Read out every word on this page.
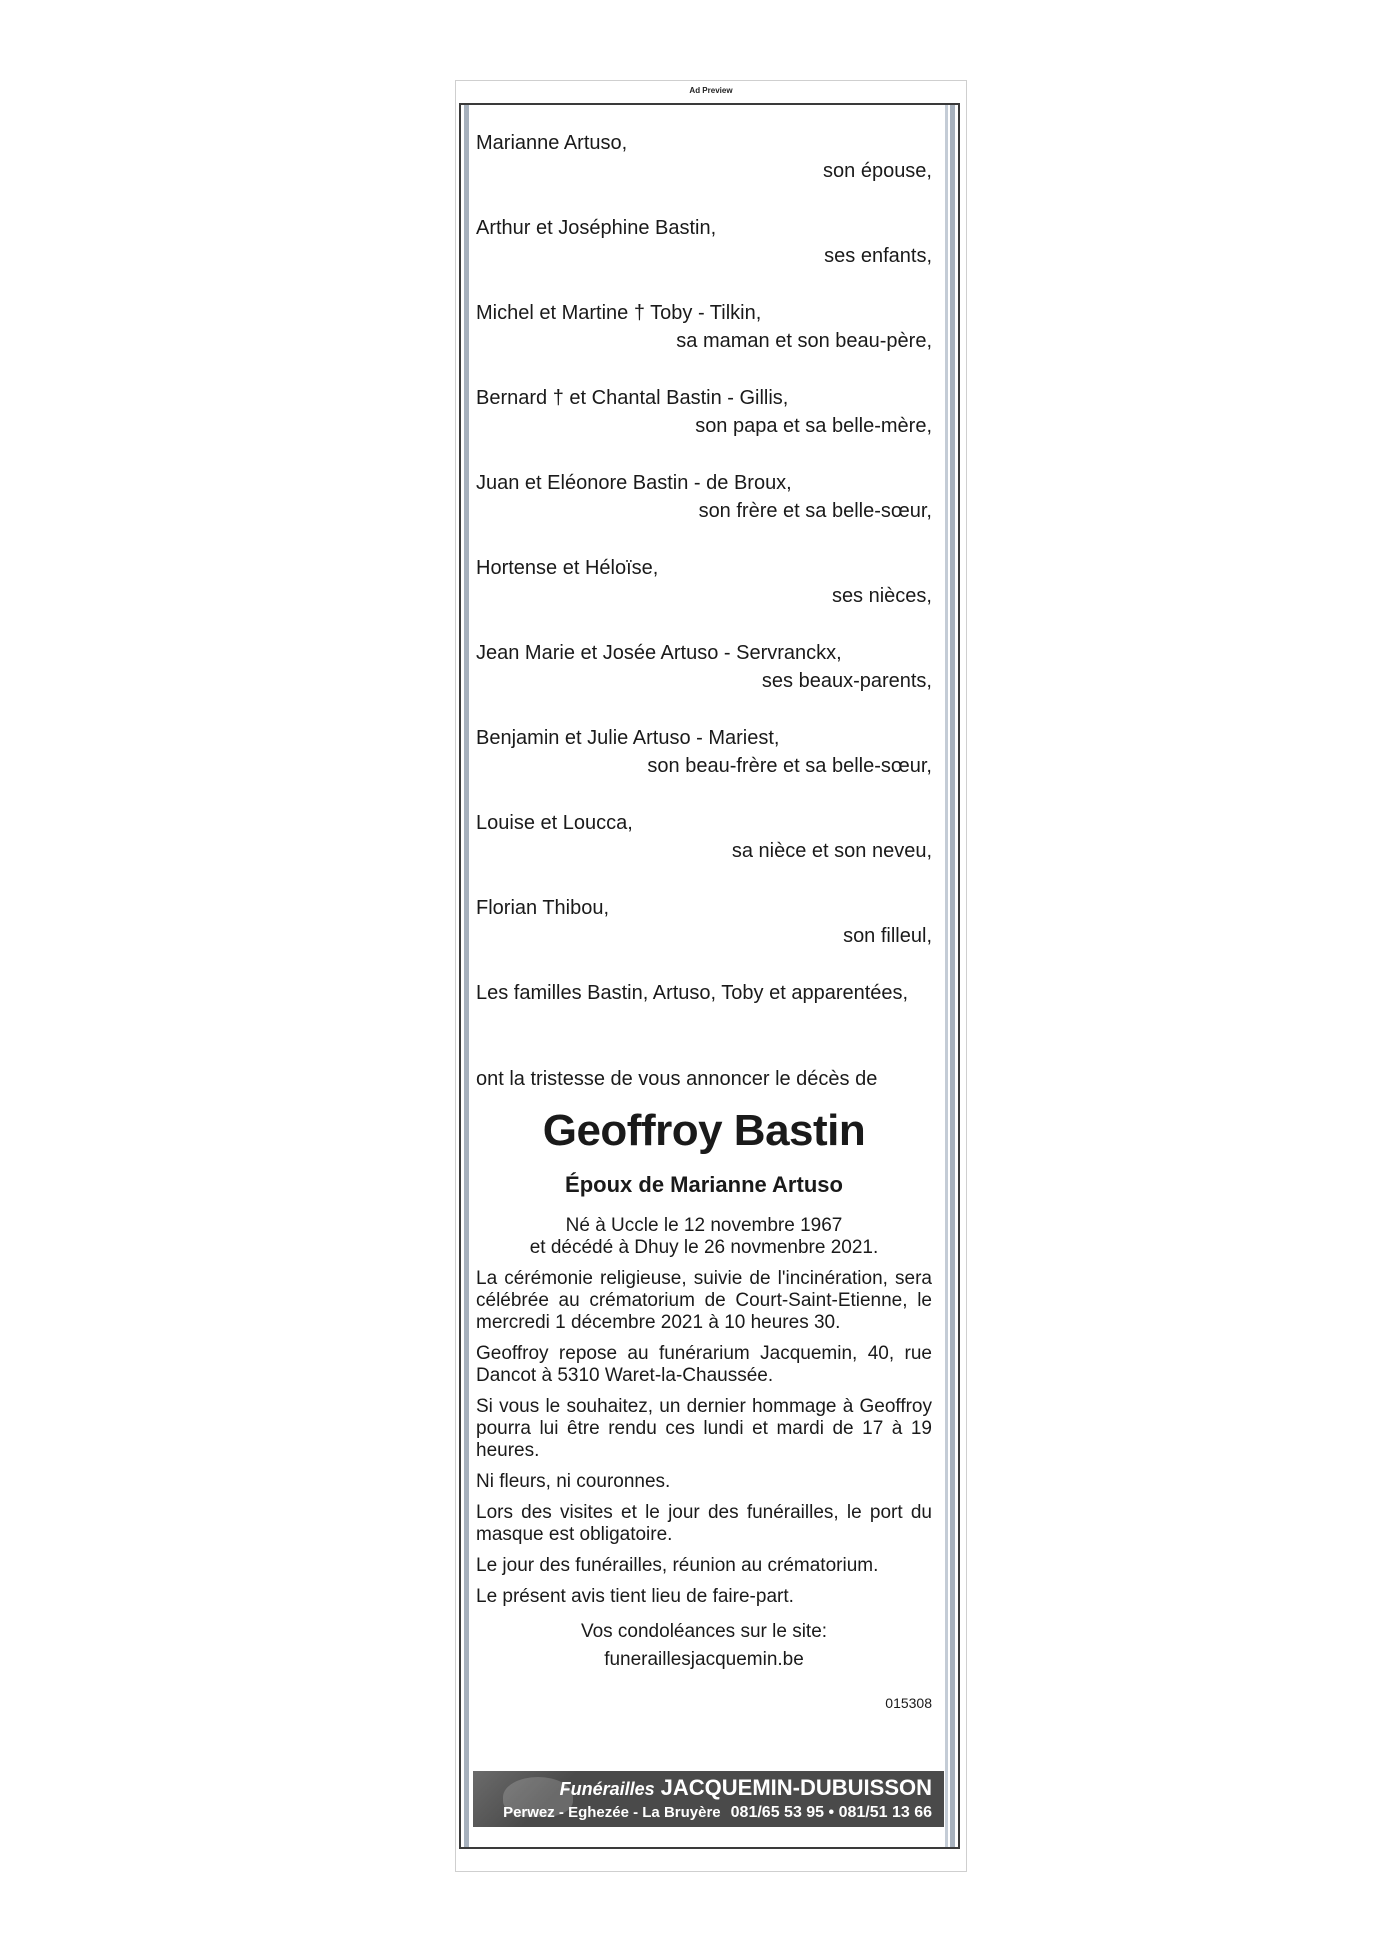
Ad Preview
Marianne Artuso,
son épouse,
Arthur et Joséphine Bastin,
ses enfants,
Michel et Martine † Toby - Tilkin,
sa maman et son beau-père,
Bernard † et Chantal Bastin - Gillis,
son papa et sa belle-mère,
Juan et Eléonore Bastin - de Broux,
son frère et sa belle-sœur,
Hortense et Héloïse,
ses nièces,
Jean Marie et Josée Artuso - Servranckx,
ses beaux-parents,
Benjamin et Julie Artuso - Mariest,
son beau-frère et sa belle-sœur,
Louise et Loucca,
sa nièce et son neveu,
Florian Thibou,
son filleul,
Les familles Bastin, Artuso, Toby et apparentées,

ont la tristesse de vous annoncer le décès de

Geoffroy Bastin
Époux de Marianne Artuso
Né à Uccle le 12 novembre 1967
et décédé à Dhuy le 26 novmenbre 2021.

La cérémonie religieuse, suivie de l'incinération, sera célébrée au crématorium de Court-Saint-Etienne, le mercredi 1 décembre 2021 à 10 heures 30.

Geoffroy repose au funérarium Jacquemin, 40, rue Dancot à 5310 Waret-la-Chaussée.

Si vous le souhaitez, un dernier hommage à Geoffroy pourra lui être rendu ces lundi et mardi de 17 à 19 heures.

Ni fleurs, ni couronnes.

Lors des visites et le jour des funérailles, le port du masque est obligatoire.

Le jour des funérailles, réunion au crématorium.

Le présent avis tient lieu de faire-part.

Vos condoléances sur le site:
funeraillesjacquemin.be
015308
Funérailles JACQUEMIN-DUBUISSON
Perwez - Eghezée - La Bruyère 081/65 53 95 • 081/51 13 66
